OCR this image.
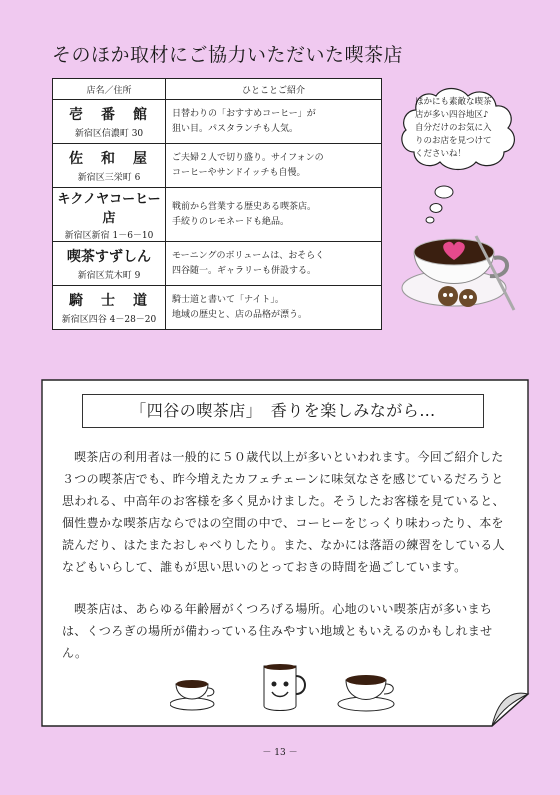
そのほか取材にご協力いただいた喫茶店
店名／住所	ひとことご紹介

壱　番　館
新宿区信濃町 30	日替わりの「おすすめコーヒー」が
狙い目。パスタランチも人気。

佐　和　屋
新宿区三栄町 6	ご夫婦２人で切り盛り。サイフォンの
コーヒーやサンドイッチも自慢。

キクノヤコーヒー店
新宿区新宿 1－6－10	戦前から営業する歴史ある喫茶店。
手絞りのレモネードも絶品。

喫茶すずしん
新宿区荒木町 9	モーニングのボリュームは、おそらく
四谷随一。ギャラリーも併設する。

騎　士　道
新宿区四谷 4－28－20	騎士道と書いて「ナイト」。
地域の歴史と、店の品格が漂う。
ほかにも素敵な喫茶
店が多い四谷地区♪
自分だけのお気に入
りのお店を見つけて
くださいね！
「四谷の喫茶店」　香りを楽しみながら…

喫茶店の利用者は一般的に５０歳代以上が多いといわれます。今回ご紹介した３つの喫茶店でも、昨今増えたカフェチェーンに味気なさを感じているだろうと思われる、中高年のお客様を多く見かけました。そうしたお客様を見ていると、個性豊かな喫茶店ならではの空間の中で、コーヒーをじっくり味わったり、本を読んだり、はたまたおしゃべりしたり。また、なかには落語の練習をしている人などもいらして、誰もが思い思いのとっておきの時間を過ごしています。

喫茶店は、あらゆる年齢層がくつろげる場所。心地のいい喫茶店が多いまちは、くつろぎの場所が備わっている住みやすい地域ともいえるのかもしれません。

－ 13 －
